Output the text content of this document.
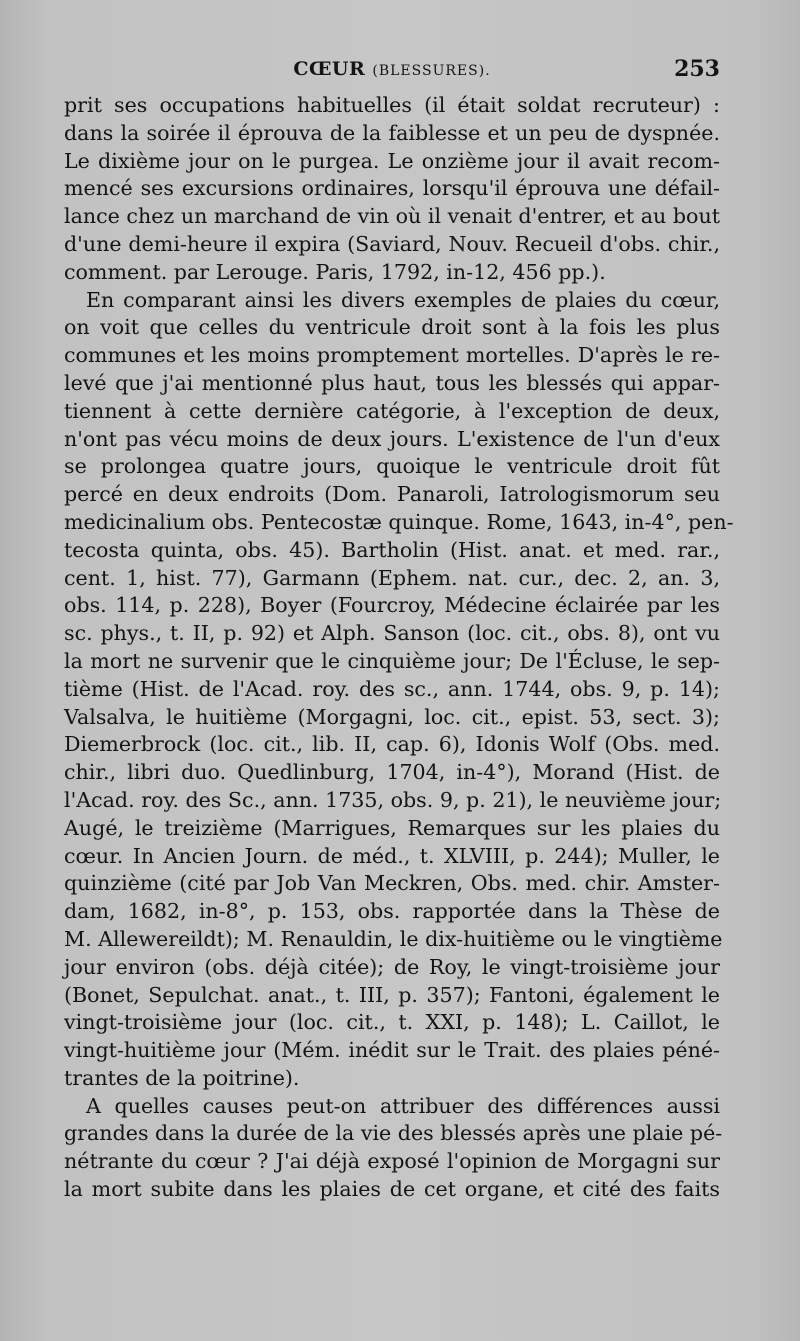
CŒUR (BLESSURES).	253
prit ses occupations habituelles (il était soldat recruteur) :
dans la soirée il éprouva de la faiblesse et un peu de dyspnée.
Le dixième jour on le purgea. Le onzième jour il avait recom-
mencé ses excursions ordinaires, lorsqu'il éprouva une défail-
lance chez un marchand de vin où il venait d'entrer, et au bout
d'une demi-heure il expira (Saviard, Nouv. Recueil d'obs. chir.,
comment. par Lerouge. Paris, 1792, in-12, 456 pp.).
En comparant ainsi les divers exemples de plaies du cœur,
on voit que celles du ventricule droit sont à la fois les plus
communes et les moins promptement mortelles. D'après le re-
levé que j'ai mentionné plus haut, tous les blessés qui appar-
tiennent à cette dernière catégorie, à l'exception de deux,
n'ont pas vécu moins de deux jours. L'existence de l'un d'eux
se prolongea quatre jours, quoique le ventricule droit fût
percé en deux endroits (Dom. Panaroli, Iatrologismorum seu
medicinalium obs. Pentecostæ quinque. Rome, 1643, in-4°, pen-
tecosta quinta, obs. 45). Bartholin (Hist. anat. et med. rar.,
cent. 1, hist. 77), Garmann (Ephem. nat. cur., dec. 2, an. 3,
obs. 114, p. 228), Boyer (Fourcroy, Médecine éclairée par les
sc. phys., t. II, p. 92) et Alph. Sanson (loc. cit., obs. 8), ont vu
la mort ne survenir que le cinquième jour; De l'Écluse, le sep-
tième (Hist. de l'Acad. roy. des sc., ann. 1744, obs. 9, p. 14);
Valsalva, le huitième (Morgagni, loc. cit., epist. 53, sect. 3);
Diemerbrock (loc. cit., lib. II, cap. 6), Idonis Wolf (Obs. med.
chir., libri duo. Quedlinburg, 1704, in-4°), Morand (Hist. de
l'Acad. roy. des Sc., ann. 1735, obs. 9, p. 21), le neuvième jour;
Augé, le treizième (Marrigues, Remarques sur les plaies du
cœur. In Ancien Journ. de méd., t. XLVIII, p. 244); Muller, le
quinzième (cité par Job Van Meckren, Obs. med. chir. Amster-
dam, 1682, in-8°, p. 153, obs. rapportée dans la Thèse de
M. Allewereildt); M. Renauldin, le dix-huitième ou le vingtième
jour environ (obs. déjà citée); de Roy, le vingt-troisième jour
(Bonet, Sepulchat. anat., t. III, p. 357); Fantoni, également le
vingt-troisième jour (loc. cit., t. XXI, p. 148); L. Caillot, le
vingt-huitième jour (Mém. inédit sur le Trait. des plaies péné-
trantes de la poitrine).
A quelles causes peut-on attribuer des différences aussi
grandes dans la durée de la vie des blessés après une plaie pé-
nétrante du cœur ? J'ai déjà exposé l'opinion de Morgagni sur
la mort subite dans les plaies de cet organe, et cité des faits
